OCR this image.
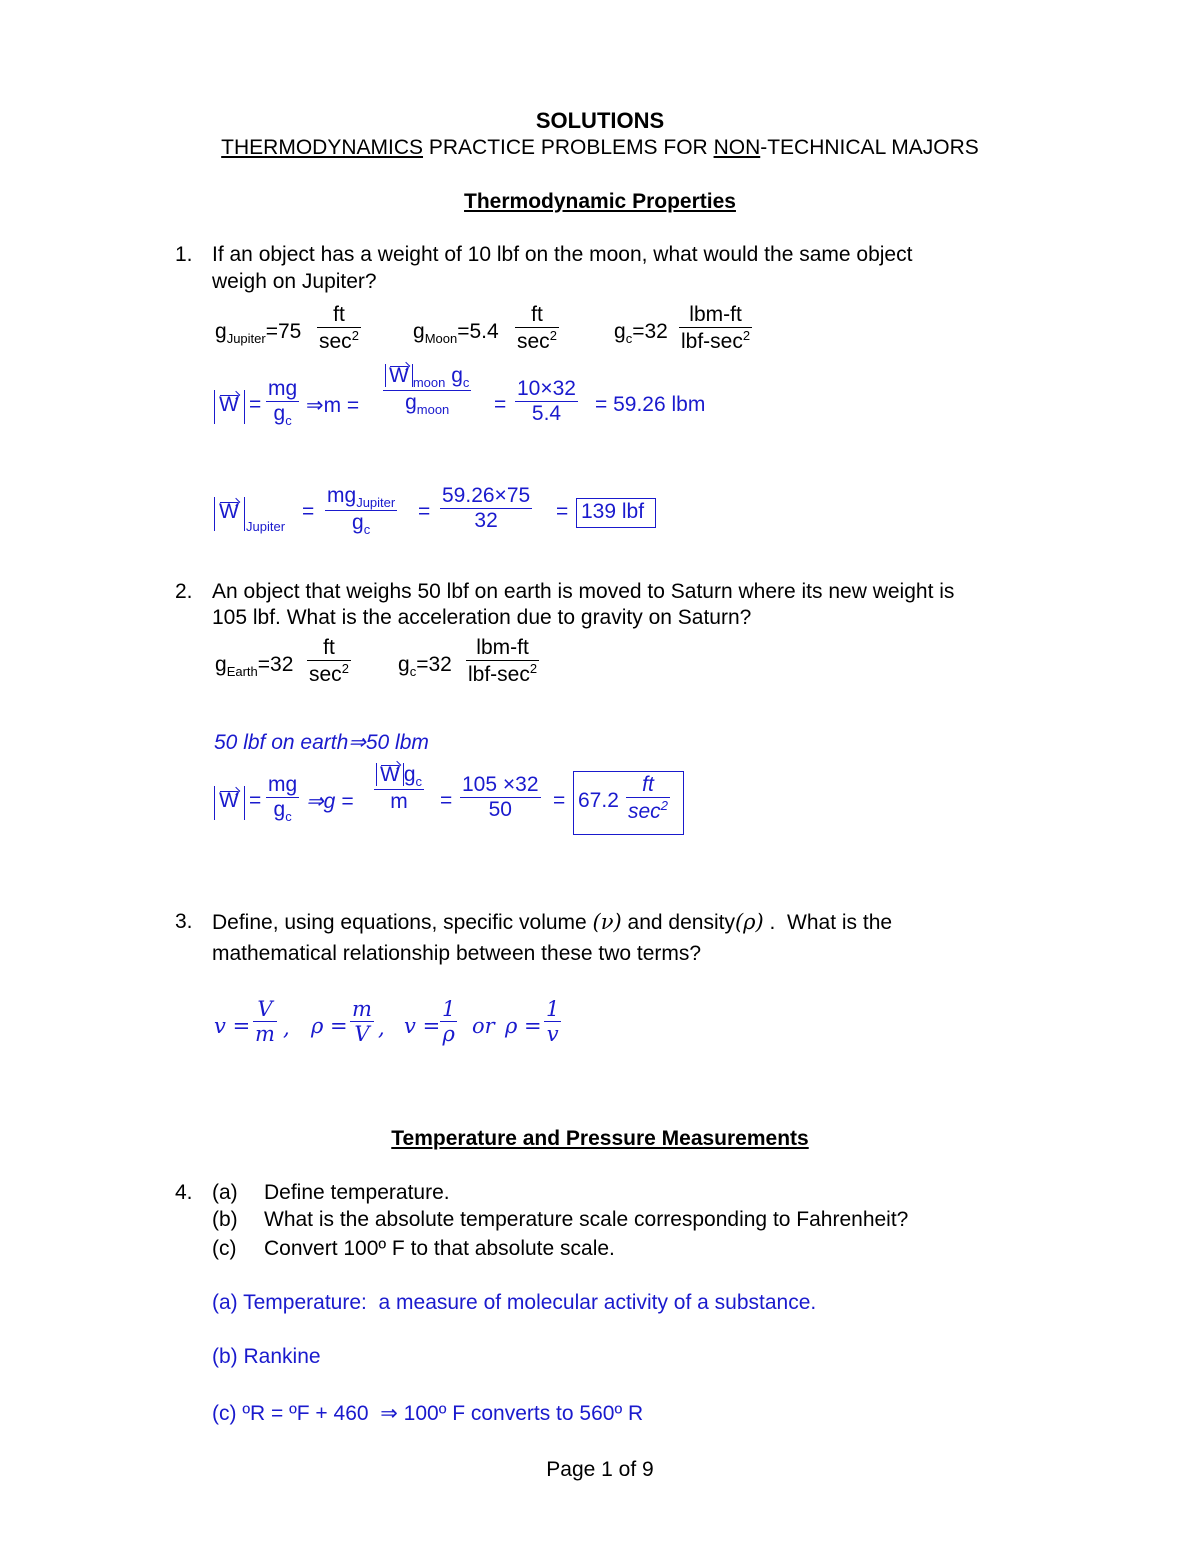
SOLUTIONS
THERMODYNAMICS PRACTICE PROBLEMS FOR NON-TECHNICAL MAJORS
Thermodynamic Properties
1. If an object has a weight of 10 lbf on the moon, what would the same object
weigh on Jupiter?
$g_{Jupiter}=75$
ft
$\sec^2$	$g_{Moon}=5.4$
ft
$\sec^2$	$g_c=32$
lbm-ft
lbf-$\sec^2$
$W = \frac{mg}{g_c}$ ⇒m =
W $_{moon}$ $g_c$
$g_{moon}$	= $\frac{10\times 32}{5.4} = 59.26$ lbm
W
Jupiter
=
$mg_{Jupiter}$
$g_c$
= $\frac{59.26\times 75}{32} = 139$ lbf
2. An object that weighs 50 lbf on earth is moved to Saturn where its new weight is
105 lbf. What is the acceleration due to gravity on Saturn?
$g_{Earth}=32$
ft
$\sec^2 g_c=32$
lbm-ft
lbf-$\sec^2$
50 lbf on earth⇒50 lbm
$W = \frac{mg}{g_c}$ ⇒g =
W $g_c$
m	= $\frac{105 \times 32}{50} = 67.2$
ft
$\sec^2$
3. Define, using equations, specific volume (ν) and density(ρ) .  What is the
mathematical relationship between these two terms?
$v = \frac{V}{m}$ , $\rho = \frac{m}{V}$ , $v = \frac{1}{\rho}$ or $\rho = \frac{1}{v}$
Temperature and Pressure Measurements
4. (a) Define temperature.
(b) What is the absolute temperature scale corresponding to Fahrenheit?
(c) Convert 100º F to that absolute scale.
(a) Temperature:  a measure of molecular activity of a substance.
(b) Rankine
(c) ºR = ºF + 460  ⇒ 100º F converts to 560º R
Page 1 of 9
